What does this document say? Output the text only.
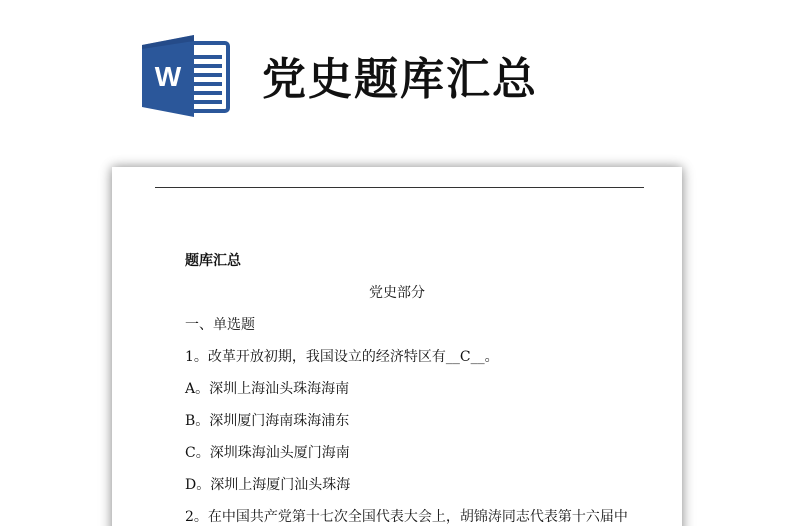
W 党史题库汇总
题库汇总
党史部分
一、单选题
1。改革开放初期，我国设立的经济特区有__C__。
A。深圳上海汕头珠海海南
B。深圳厦门海南珠海浦东
C。深圳珠海汕头厦门海南
D。深圳上海厦门汕头珠海
2。在中国共产党第十七次全国代表大会上，胡锦涛同志代表第十六届中
